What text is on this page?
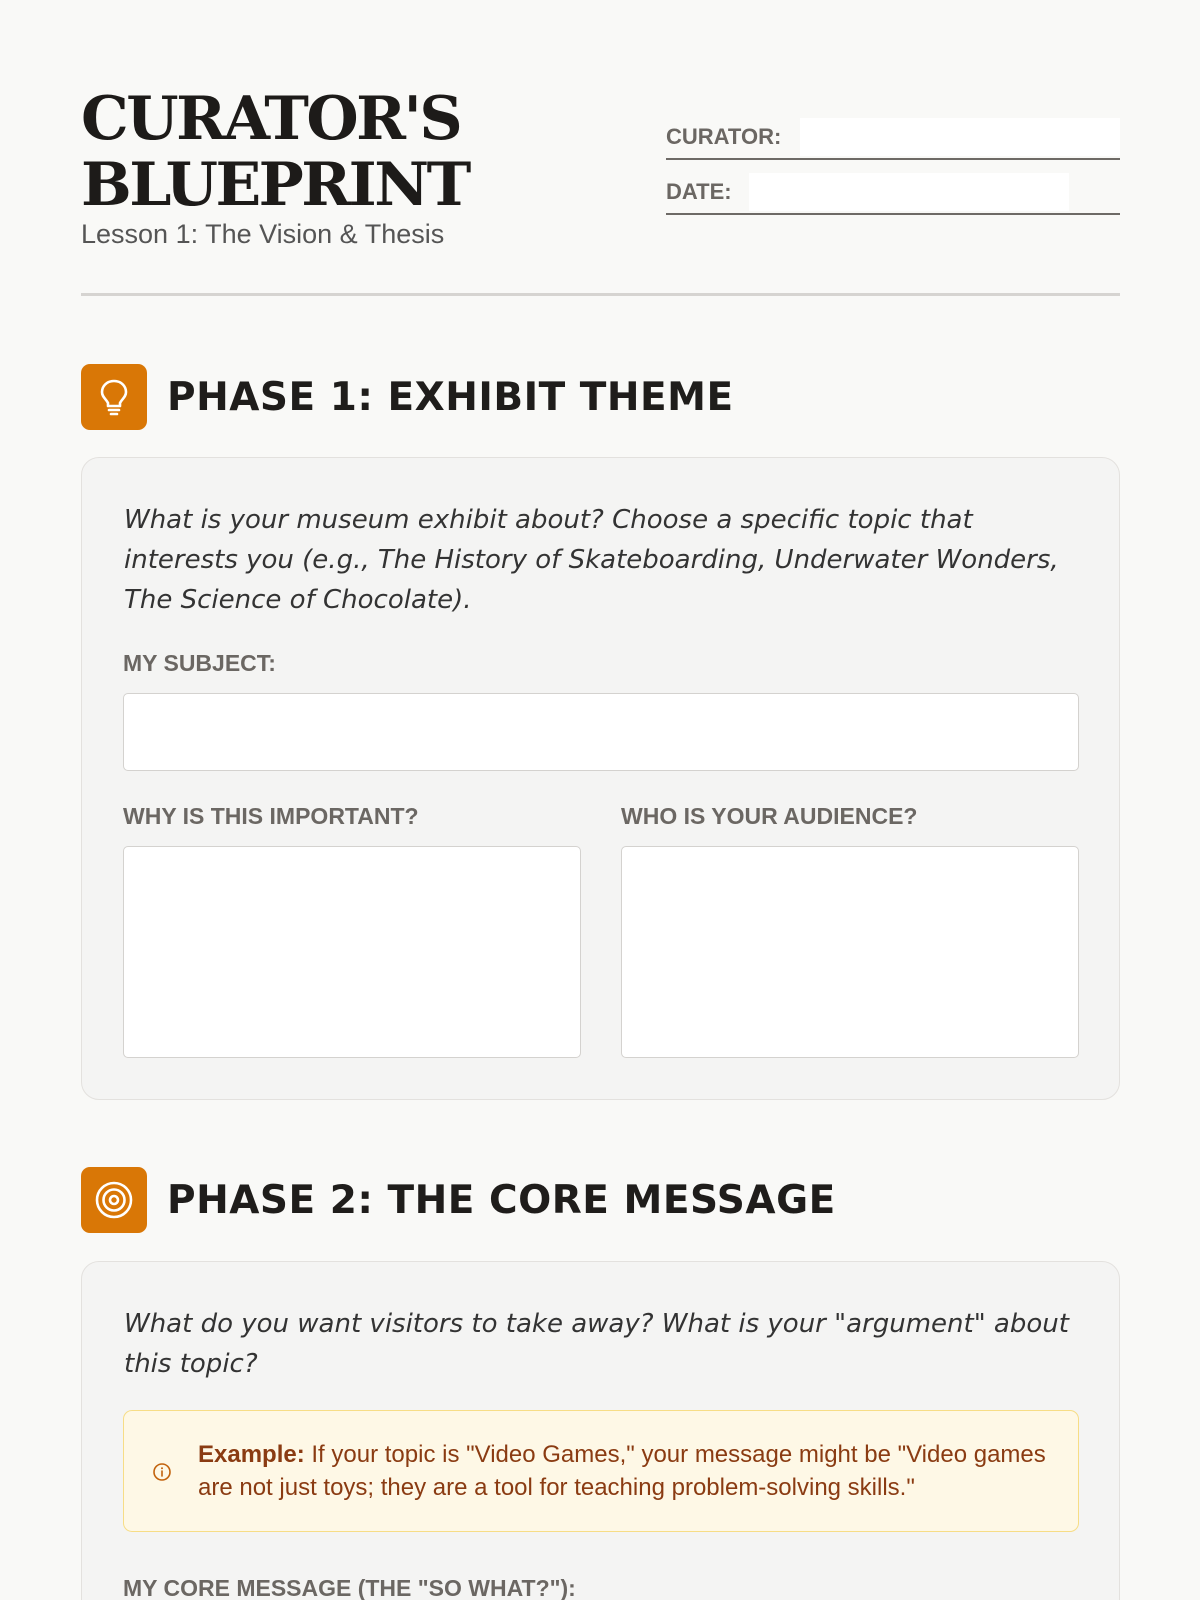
CURATOR'S
BLUEPRINT
Lesson 1: The Vision & Thesis
CURATOR:
DATE:
PHASE 1: EXHIBIT THEME
What is your museum exhibit about? Choose a specific topic that interests you (e.g., The History of Skateboarding, Underwater Wonders, The Science of Chocolate).
MY SUBJECT:
WHY IS THIS IMPORTANT?	WHO IS YOUR AUDIENCE?
PHASE 2: THE CORE MESSAGE
What do you want visitors to take away? What is your "argument" about this topic?
Example: If your topic is "Video Games," your message might be "Video games are not just toys; they are a tool for teaching problem-solving skills."
MY CORE MESSAGE (THE "SO WHAT?"):
